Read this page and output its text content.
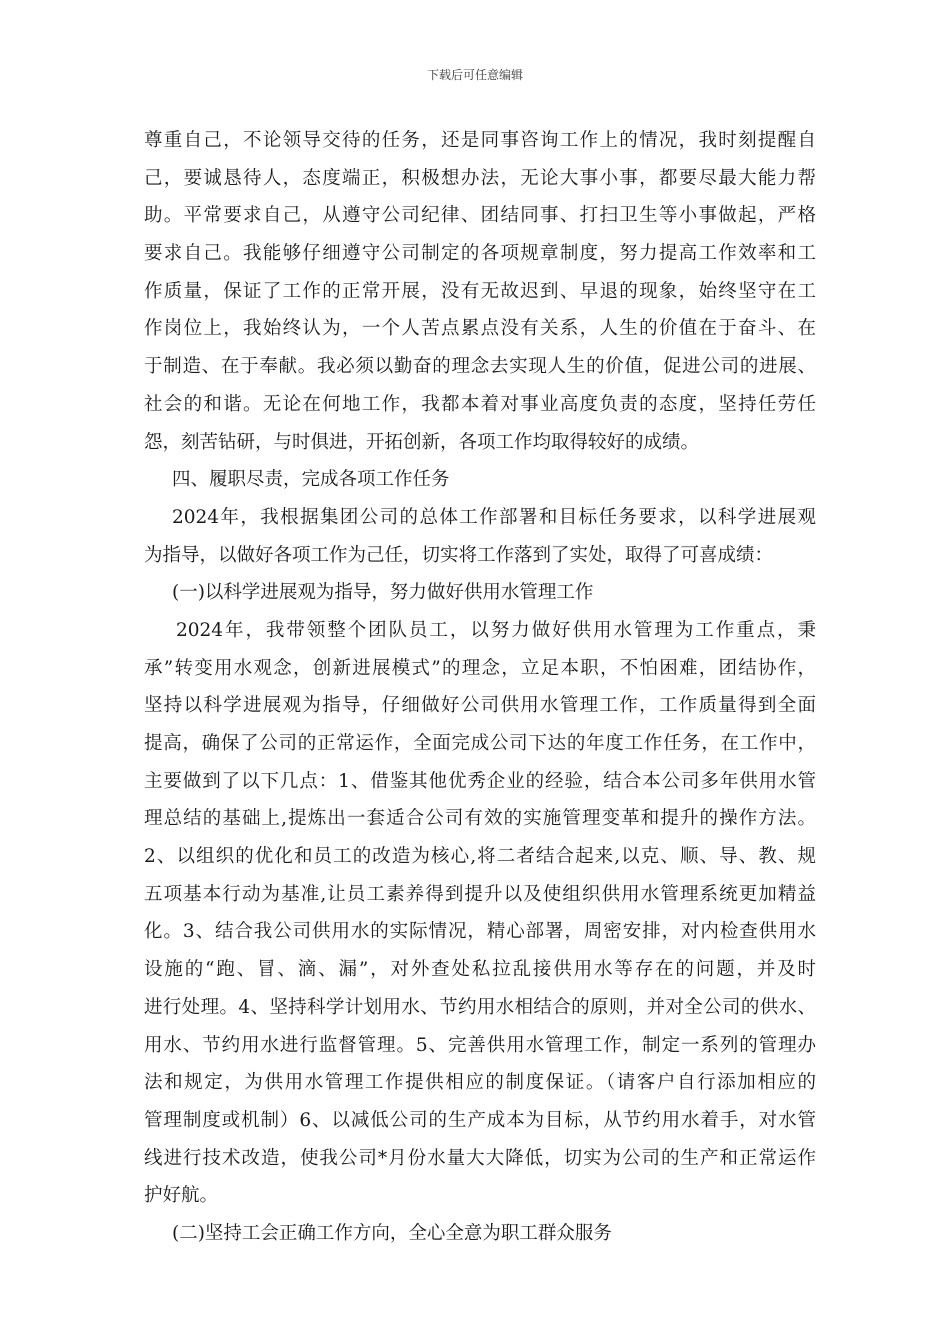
下载后可任意编辑
尊重自己，不论领导交待的任务，还是同事咨询工作上的情况，我时刻提醒自
己，要诚恳待人，态度端正，积极想办法，无论大事小事，都要尽最大能力帮
助。平常要求自己，从遵守公司纪律、团结同事、打扫卫生等小事做起，严格
要求自己。我能够仔细遵守公司制定的各项规章制度，努力提高工作效率和工
作质量，保证了工作的正常开展，没有无故迟到、早退的现象，始终坚守在工
作岗位上，我始终认为，一个人苦点累点没有关系，人生的价值在于奋斗、在
于制造、在于奉献。我必须以勤奋的理念去实现人生的价值，促进公司的进展、
社会的和谐。无论在何地工作，我都本着对事业高度负责的态度，坚持任劳任
怨，刻苦钻研，与时俱进，开拓创新，各项工作均取得较好的成绩。
四、履职尽责，完成各项工作任务
2024年，我根据集团公司的总体工作部署和目标任务要求，以科学进展观
为指导，以做好各项工作为己任，切实将工作落到了实处，取得了可喜成绩：
(一)以科学进展观为指导，努力做好供用水管理工作
2024年，我带领整个团队员工，以努力做好供用水管理为工作重点，秉
承”转变用水观念，创新进展模式”的理念，立足本职，不怕困难，团结协作，
坚持以科学进展观为指导，仔细做好公司供用水管理工作，工作质量得到全面
提高，确保了公司的正常运作，全面完成公司下达的年度工作任务，在工作中，
主要做到了以下几点：1、借鉴其他优秀企业的经验，结合本公司多年供用水管
理总结的基础上,提炼出一套适合公司有效的实施管理变革和提升的操作方法。
2、以组织的优化和员工的改造为核心,将二者结合起来,以克、顺、导、教、规
五项基本行动为基准,让员工素养得到提升以及使组织供用水管理系统更加精益
化。3、结合我公司供用水的实际情况，精心部署，周密安排，对内检查供用水
设施的“跑、冒、滴、漏”，对外查处私拉乱接供用水等存在的问题，并及时
进行处理。4、坚持科学计划用水、节约用水相结合的原则，并对全公司的供水、
用水、节约用水进行监督管理。5、完善供用水管理工作，制定一系列的管理办
法和规定，为供用水管理工作提供相应的制度保证。（请客户自行添加相应的
管理制度或机制）6、以减低公司的生产成本为目标，从节约用水着手，对水管
线进行技术改造，使我公司*月份水量大大降低，切实为公司的生产和正常运作
护好航。
(二)坚持工会正确工作方向，全心全意为职工群众服务
